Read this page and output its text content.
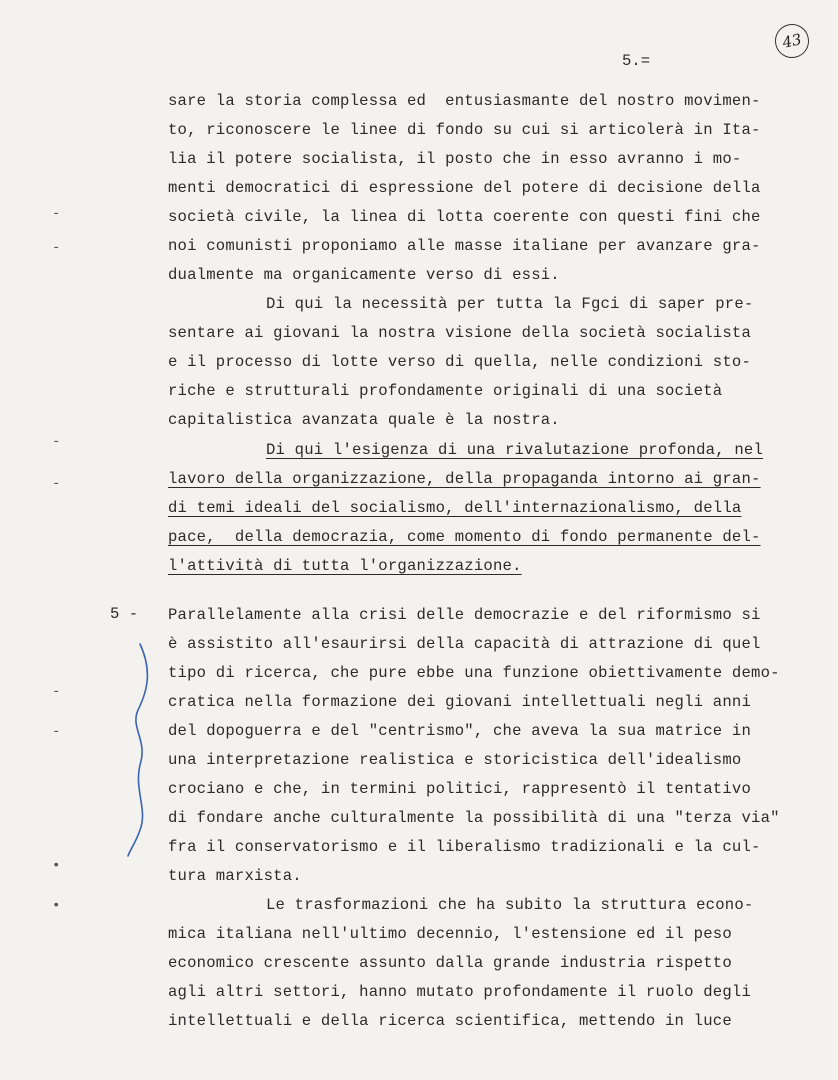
43
5.=
-
-
-
-
-
-
•
•
sare la storia complessa ed  entusiasmante del nostro movimen-
to, riconoscere le linee di fondo su cui si articolerà in Ita-
lia il potere socialista, il posto che in esso avranno i mo-
menti democratici di espressione del potere di decisione della
società civile, la linea di lotta coerente con questi fini che
noi comunisti proponiamo alle masse italiane per avanzare gra-
dualmente ma organicamente verso di essi.
Di qui la necessità per tutta la Fgci di saper pre-
sentare ai giovani la nostra visione della società socialista
e il processo di lotte verso di quella, nelle condizioni sto-
riche e strutturali profondamente originali di una società
capitalistica avanzata quale è la nostra.
Di qui l'esigenza di una rivalutazione profonda, nel
lavoro della organizzazione, della propaganda intorno ai gran-
di temi ideali del socialismo, dell'internazionalismo, della
pace,  della democrazia, come momento di fondo permanente del-
l'attività di tutta l'organizzazione.
5 - Parallelamente alla crisi delle democrazie e del riformismo si
è assistito all'esaurirsi della capacità di attrazione di quel
tipo di ricerca, che pure ebbe una funzione obiettivamente demo-
cratica nella formazione dei giovani intellettuali negli anni
del dopoguerra e del "centrismo", che aveva la sua matrice in
una interpretazione realistica e storicistica dell'idealismo
crociano e che, in termini politici, rappresentò il tentativo
di fondare anche culturalmente la possibilità di una "terza via"
fra il conservatorismo e il liberalismo tradizionali e la cul-
tura marxista.
Le trasformazioni che ha subito la struttura econo-
mica italiana nell'ultimo decennio, l'estensione ed il peso
economico crescente assunto dalla grande industria rispetto
agli altri settori, hanno mutato profondamente il ruolo degli
intellettuali e della ricerca scientifica, mettendo in luce
